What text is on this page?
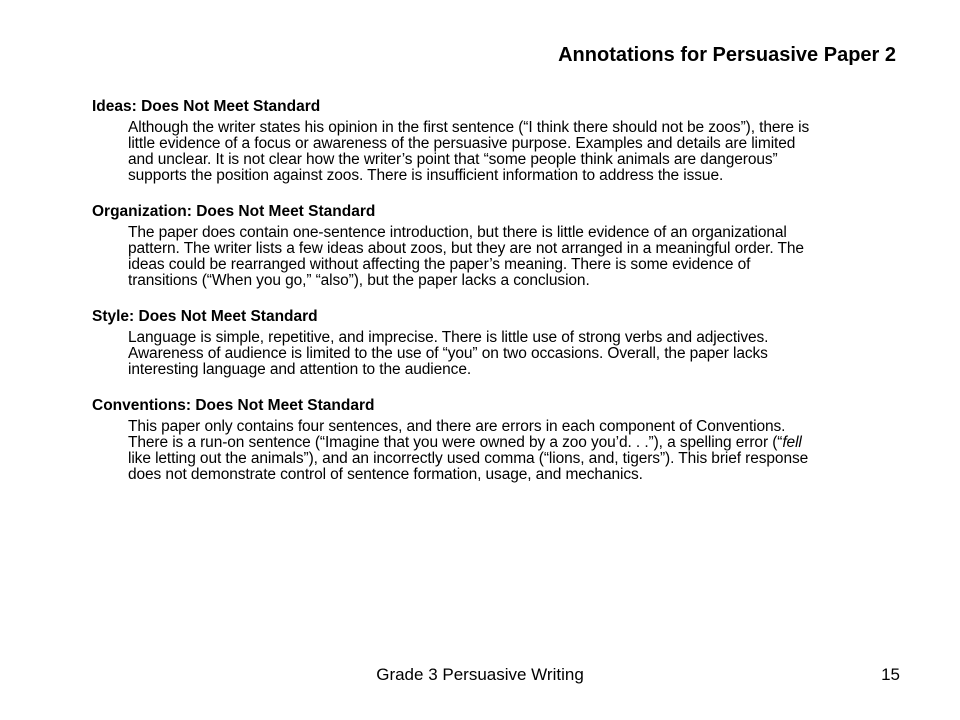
Annotations for Persuasive Paper 2
Ideas: Does Not Meet Standard
Although the writer states his opinion in the first sentence (“I think there should not be zoos”), there is little evidence of a focus or awareness of the persuasive purpose. Examples and details are limited and unclear. It is not clear how the writer’s point that “some people think animals are dangerous” supports the position against zoos. There is insufficient information to address the issue.
Organization: Does Not Meet Standard
The paper does contain one-sentence introduction, but there is little evidence of an organizational pattern. The writer lists a few ideas about zoos, but they are not arranged in a meaningful order. The ideas could be rearranged without affecting the paper’s meaning. There is some evidence of transitions (“When you go,” “also”), but the paper lacks a conclusion.
Style: Does Not Meet Standard
Language is simple, repetitive, and imprecise. There is little use of strong verbs and adjectives. Awareness of audience is limited to the use of “you” on two occasions. Overall, the paper lacks interesting language and attention to the audience.
Conventions: Does Not Meet Standard
This paper only contains four sentences, and there are errors in each component of Conventions. There is a run-on sentence (“Imagine that you were owned by a zoo you’d. . .”), a spelling error (“fell like letting out the animals”), and an incorrectly used comma (“lions, and, tigers”). This brief response does not demonstrate control of sentence formation, usage, and mechanics.
Grade 3 Persuasive Writing	15
